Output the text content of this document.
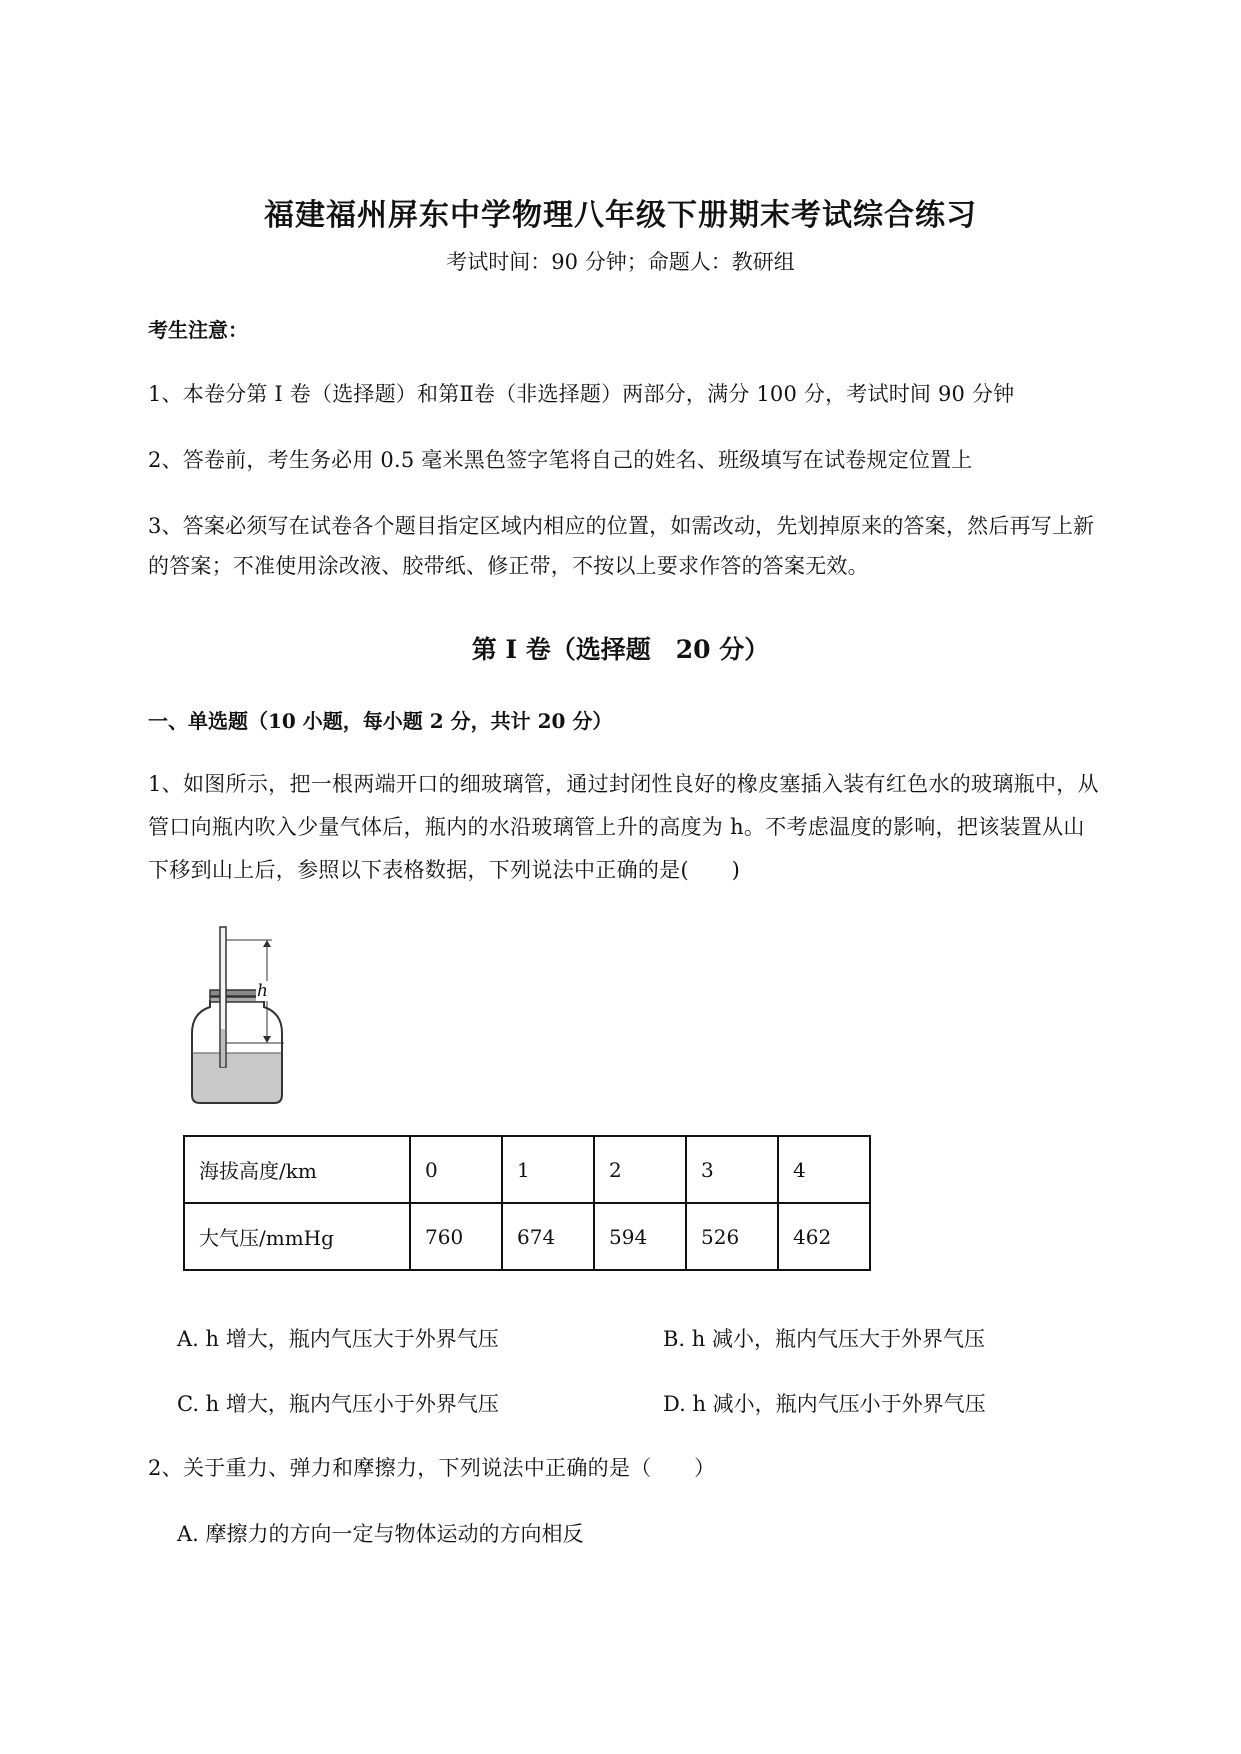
福建福州屏东中学物理八年级下册期末考试综合练习
考试时间：90 分钟；命题人：教研组
考生注意：
1、本卷分第 I 卷（选择题）和第Ⅱ卷（非选择题）两部分，满分 100 分，考试时间 90 分钟
2、答卷前，考生务必用 0.5 毫米黑色签字笔将自己的姓名、班级填写在试卷规定位置上
3、答案必须写在试卷各个题目指定区域内相应的位置，如需改动，先划掉原来的答案，然后再写上新
的答案；不准使用涂改液、胶带纸、修正带，不按以上要求作答的答案无效。
第 I 卷（选择题　20 分）
一、单选题（10 小题，每小题 2 分，共计 20 分）
1、如图所示，把一根两端开口的细玻璃管，通过封闭性良好的橡皮塞插入装有红色水的玻璃瓶中，从
管口向瓶内吹入少量气体后，瓶内的水沿玻璃管上升的高度为 h。不考虑温度的影响，把该装置从山
下移到山上后，参照以下表格数据，下列说法中正确的是(　　)
h
海拔高度/km	0	1	2	3	4
大气压/mmHg	760	674	594	526	462
A. h 增大，瓶内气压大于外界气压	B. h 减小，瓶内气压大于外界气压
C. h 增大，瓶内气压小于外界气压	D. h 减小，瓶内气压小于外界气压
2、关于重力、弹力和摩擦力，下列说法中正确的是（　　）
A. 摩擦力的方向一定与物体运动的方向相反
